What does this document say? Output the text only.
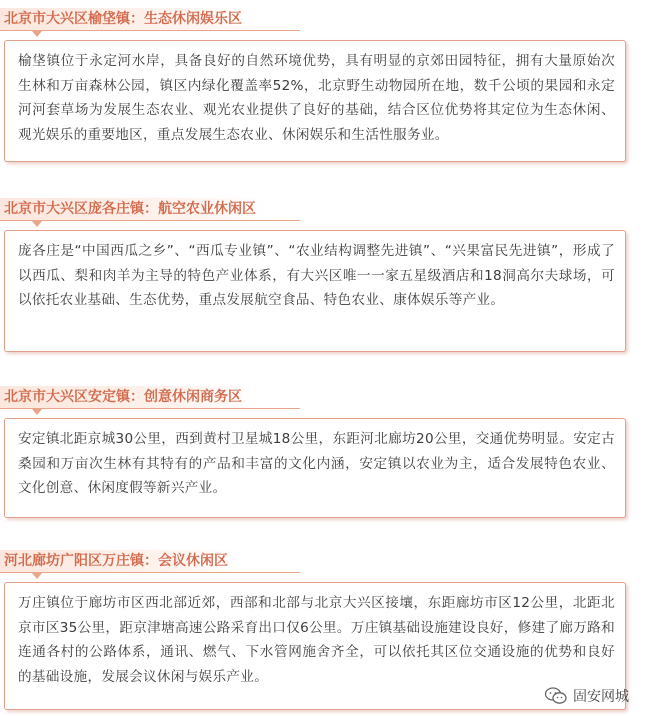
北京市大兴区榆垡镇：生态休闲娱乐区
榆垡镇位于永定河水岸，具备良好的自然环境优势，具有明显的京郊田园特征，拥有大量原始次生林和万亩森林公园，镇区内绿化覆盖率52%，北京野生动物园所在地，数千公顷的果园和永定河河套草场为发展生态农业、观光农业提供了良好的基础，结合区位优势将其定位为生态休闲、观光娱乐的重要地区，重点发展生态农业、休闲娱乐和生活性服务业。
北京市大兴区庞各庄镇：航空农业休闲区
庞各庄是“中国西瓜之乡”、“西瓜专业镇”、“农业结构调整先进镇”、“兴果富民先进镇”，形成了以西瓜、梨和肉羊为主导的特色产业体系，有大兴区唯一一家五星级酒店和18洞高尔夫球场，可以依托农业基础、生态优势，重点发展航空食品、特色农业、康体娱乐等产业。
北京市大兴区安定镇：创意休闲商务区
安定镇北距京城30公里，西到黄村卫星城18公里，东距河北廊坊20公里，交通优势明显。安定古桑园和万亩次生林有其特有的产品和丰富的文化内涵，安定镇以农业为主，适合发展特色农业、文化创意、休闲度假等新兴产业。
河北廊坊广阳区万庄镇：会议休闲区
万庄镇位于廊坊市区西北部近郊，西部和北部与北京大兴区接壤，东距廊坊市区12公里，北距北京市区35公里，距京津塘高速公路采育出口仅6公里。万庄镇基础设施建设良好，修建了廊万路和连通各村的公路体系，通讯、燃气、下水管网施舍齐全，可以依托其区位交通设施的优势和良好的基础设施，发展会议休闲与娱乐产业。
固安网城
